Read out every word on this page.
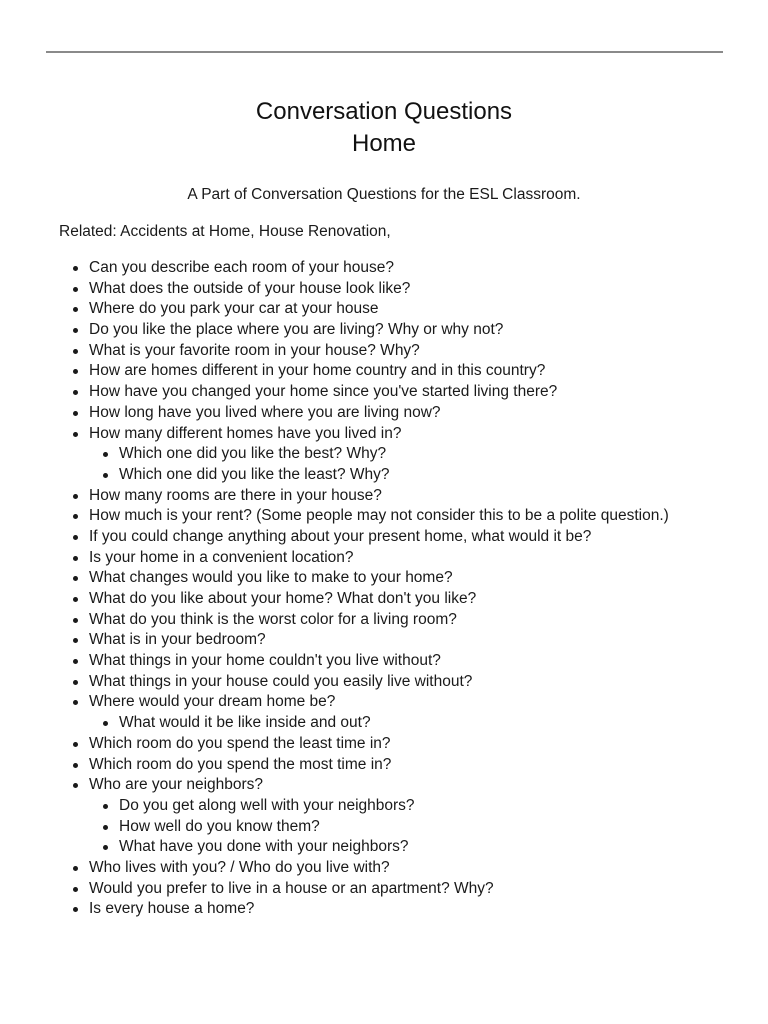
Conversation Questions
Home
A Part of Conversation Questions for the ESL Classroom.
Related: Accidents at Home, House Renovation,
Can you describe each room of your house?
What does the outside of your house look like?
Where do you park your car at your house
Do you like the place where you are living? Why or why not?
What is your favorite room in your house? Why?
How are homes different in your home country and in this country?
How have you changed your home since you've started living there?
How long have you lived where you are living now?
How many different homes have you lived in?
Which one did you like the best? Why?
Which one did you like the least? Why?
How many rooms are there in your house?
How much is your rent? (Some people may not consider this to be a polite question.)
If you could change anything about your present home, what would it be?
Is your home in a convenient location?
What changes would you like to make to your home?
What do you like about your home? What don't you like?
What do you think is the worst color for a living room?
What is in your bedroom?
What things in your home couldn't you live without?
What things in your house could you easily live without?
Where would your dream home be?
What would it be like inside and out?
Which room do you spend the least time in?
Which room do you spend the most time in?
Who are your neighbors?
Do you get along well with your neighbors?
How well do you know them?
What have you done with your neighbors?
Who lives with you? / Who do you live with?
Would you prefer to live in a house or an apartment? Why?
Is every house a home?
